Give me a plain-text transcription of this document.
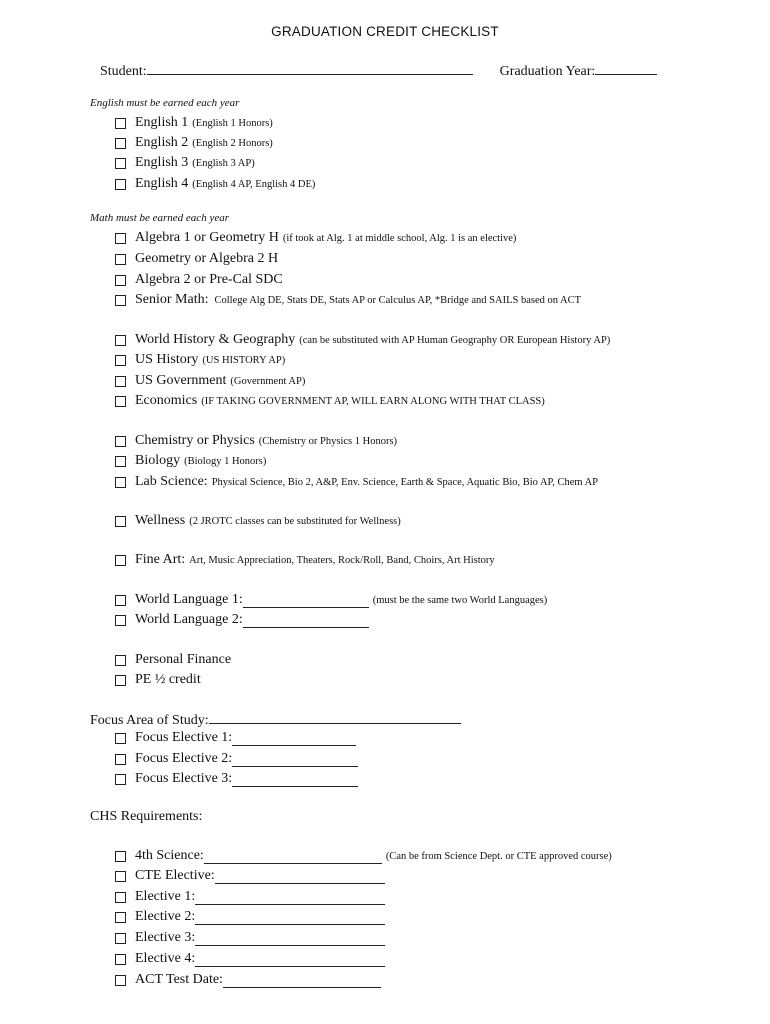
GRADUATION CREDIT CHECKLIST
Student:	Graduation Year:
English must be earned each year
English 1 (English 1 Honors)
English 2 (English 2 Honors)
English 3 (English 3 AP)
English 4 (English 4 AP, English 4 DE)
Math must be earned each year
Algebra 1 or Geometry H (if took at Alg. 1 at middle school, Alg. 1 is an elective)
Geometry or Algebra 2 H
Algebra 2 or Pre-Cal SDC
Senior Math: College Alg DE, Stats DE, Stats AP or Calculus AP, *Bridge and SAILS based on ACT
World History & Geography (can be substituted with AP Human Geography OR European History AP)
US History (US HISTORY AP)
US Government (Government AP)
Economics (IF TAKING GOVERNMENT AP, WILL EARN ALONG WITH THAT CLASS)
Chemistry or Physics (Chemistry or Physics 1 Honors)
Biology (Biology 1 Honors)
Lab Science: Physical Science, Bio 2, A&P, Env. Science, Earth & Space, Aquatic Bio, Bio AP, Chem AP
Wellness (2 JROTC classes can be substituted for Wellness)
Fine Art: Art, Music Appreciation, Theaters, Rock/Roll, Band, Choirs, Art History
World Language 1:	(must be the same two World Languages)
World Language 2:
Personal Finance
PE ½ credit
Focus Area of Study:
Focus Elective 1:
Focus Elective 2:
Focus Elective 3:
CHS Requirements:
4th Science:	(Can be from Science Dept. or CTE approved course)
CTE Elective:
Elective 1:
Elective 2:
Elective 3:
Elective 4:
ACT Test Date:
